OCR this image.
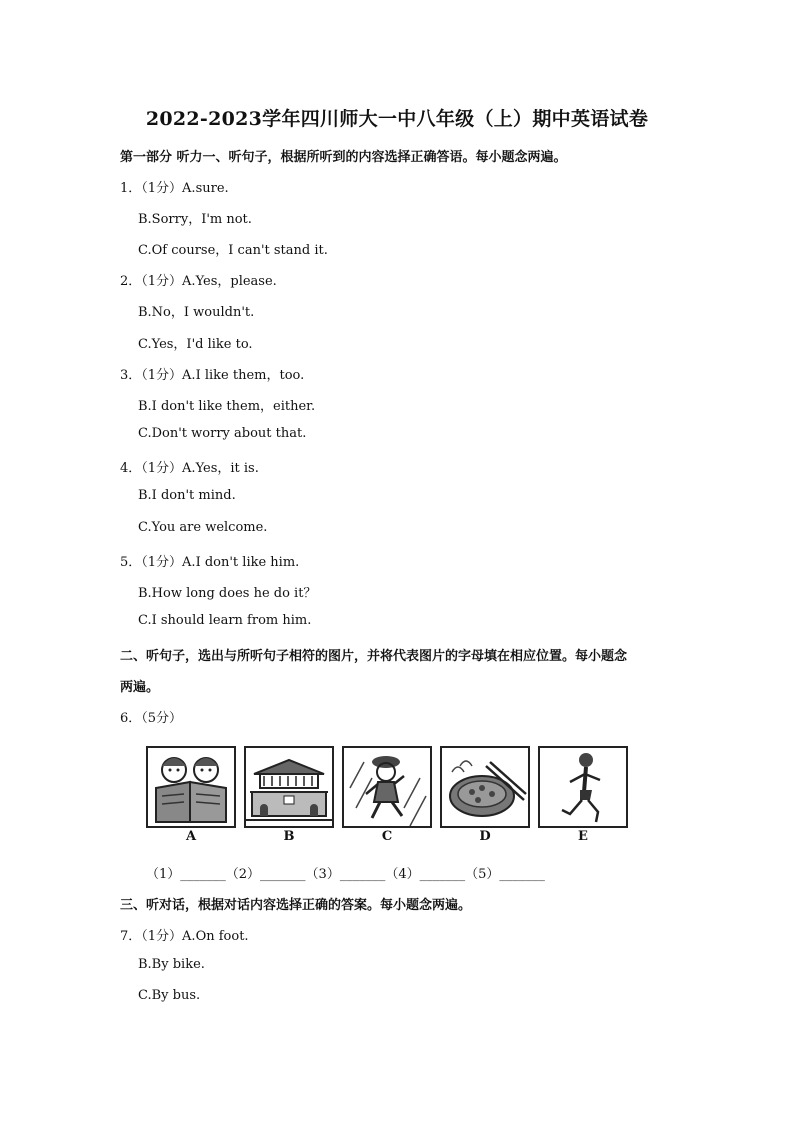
2022-2023学年四川师大一中八年级（上）期中英语试卷
第一部分 听力一、听句子，根据所听到的内容选择正确答语。每小题念两遍。
1．（1分）A.sure.
B.Sorry，I'm not.
C.Of course，I can't stand it.
2．（1分）A.Yes，please.
B.No，I wouldn't.
C.Yes，I'd like to.
3．（1分）A.I like them，too.
B.I don't like them，either.
C.Don't worry about that.
4．（1分）A.Yes，it is.
B.I don't mind.
C.You are welcome.
5．（1分）A.I don't like him.
B.How long does he do it？
C.I should learn from him.
二、听句子，选出与所听句子相符的图片，并将代表图片的字母填在相应位置。每小题念
两遍。
6．（5分）
A	B	C	D	E
（1）_______（2）_______（3）_______（4）_______（5）_______
三、听对话，根据对话内容选择正确的答案。每小题念两遍。
7．（1分）A.On foot.
B.By bike.
C.By bus.
